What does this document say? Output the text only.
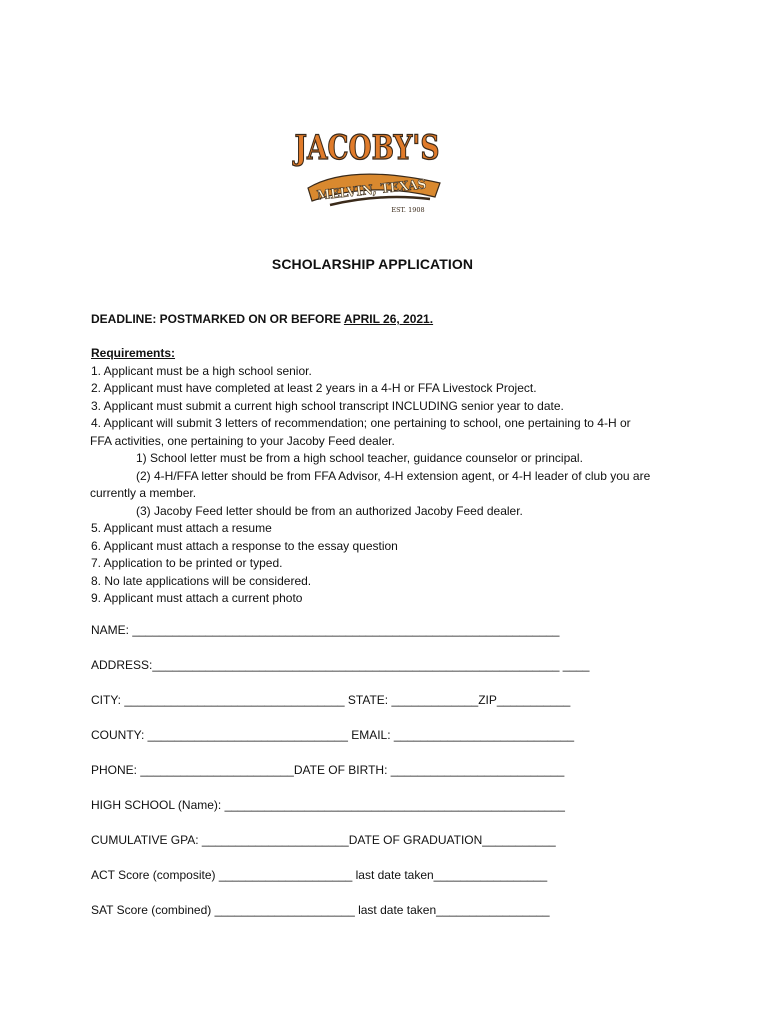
JACOBY'S
MELVIN, TEXAS
EST. 1908
SCHOLARSHIP APPLICATION
DEADLINE: POSTMARKED ON OR BEFORE APRIL 26, 2021.
Requirements:
1. Applicant must be a high school senior.
2. Applicant must have completed at least 2 years in a 4-H or FFA Livestock Project.
3. Applicant must submit a current high school transcript INCLUDING senior year to date.
4. Applicant will submit 3 letters of recommendation; one pertaining to school, one pertaining to 4-H or
FFA activities, one pertaining to your Jacoby Feed dealer.
1) School letter must be from a high school teacher, guidance counselor or principal.
(2) 4-H/FFA letter should be from FFA Advisor, 4-H extension agent, or 4-H leader of club you are
currently a member.
(3) Jacoby Feed letter should be from an authorized Jacoby Feed dealer.
5. Applicant must attach a resume
6. Applicant must attach a response to the essay question
7. Application to be printed or typed.
8. No late applications will be considered.
9. Applicant must attach a current photo
NAME: ________________________________________________________________
ADDRESS:_____________________________________________________________ ____
CITY: _________________________________ STATE: _____________ZIP___________
COUNTY: ______________________________ EMAIL: ___________________________
PHONE: _______________________DATE OF BIRTH: __________________________
HIGH SCHOOL (Name): ___________________________________________________
CUMULATIVE GPA: ______________________DATE OF GRADUATION___________
ACT Score (composite) ____________________ last date taken_________________
SAT Score (combined) _____________________ last date taken_________________
